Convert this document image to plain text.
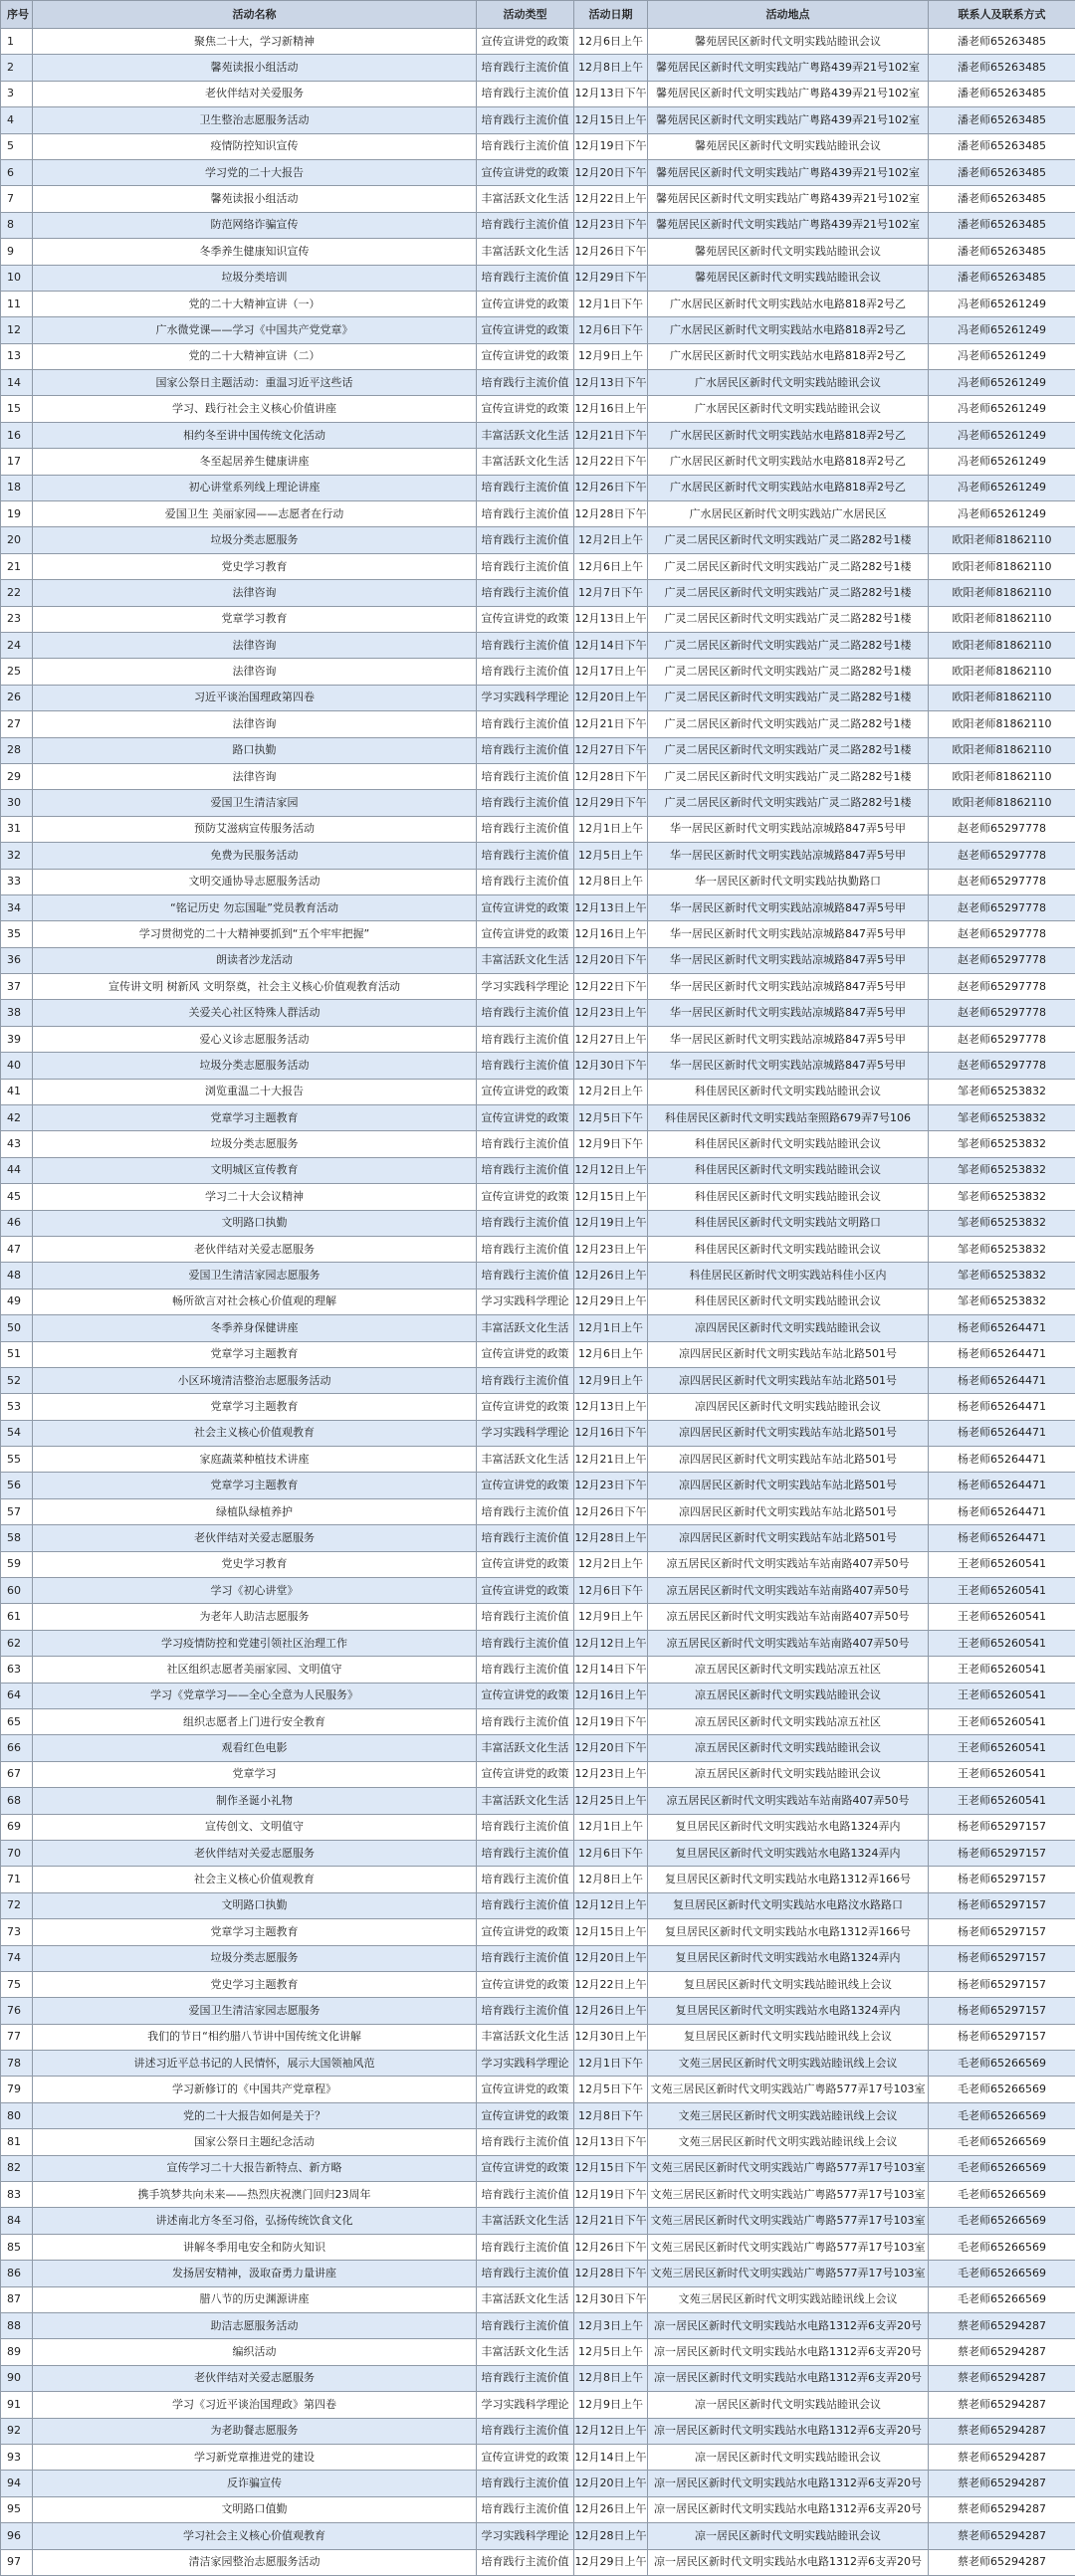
序号	活动名称	活动类型	活动日期	活动地点	联系人及联系方式
1	聚焦二十大，学习新精神	宣传宣讲党的政策	12月6日上午	馨苑居民区新时代文明实践站睦讯会议	潘老师65263485
2	馨苑读报小组活动	培育践行主流价值	12月8日上午	馨苑居民区新时代文明实践站广粤路439弄21号102室	潘老师65263485
3	老伙伴结对关爱服务	培育践行主流价值	12月13日下午	馨苑居民区新时代文明实践站广粤路439弄21号102室	潘老师65263485
4	卫生整治志愿服务活动	培育践行主流价值	12月15日上午	馨苑居民区新时代文明实践站广粤路439弄21号102室	潘老师65263485
5	疫情防控知识宣传	培育践行主流价值	12月19日下午	馨苑居民区新时代文明实践站睦讯会议	潘老师65263485
6	学习党的二十大报告	宣传宣讲党的政策	12月20日下午	馨苑居民区新时代文明实践站广粤路439弄21号102室	潘老师65263485
7	馨苑读报小组活动	丰富活跃文化生活	12月22日上午	馨苑居民区新时代文明实践站广粤路439弄21号102室	潘老师65263485
8	防范网络诈骗宣传	培育践行主流价值	12月23日下午	馨苑居民区新时代文明实践站广粤路439弄21号102室	潘老师65263485
9	冬季养生健康知识宣传	丰富活跃文化生活	12月26日下午	馨苑居民区新时代文明实践站睦讯会议	潘老师65263485
10	垃圾分类培训	培育践行主流价值	12月29日下午	馨苑居民区新时代文明实践站睦讯会议	潘老师65263485
11	党的二十大精神宣讲（一）	宣传宣讲党的政策	12月1日下午	广水居民区新时代文明实践站水电路818弄2号乙	冯老师65261249
12	广水微党课——学习《中国共产党党章》	宣传宣讲党的政策	12月6日下午	广水居民区新时代文明实践站水电路818弄2号乙	冯老师65261249
13	党的二十大精神宣讲（二）	宣传宣讲党的政策	12月9日上午	广水居民区新时代文明实践站水电路818弄2号乙	冯老师65261249
14	国家公祭日主题活动：重温习近平这些话	培育践行主流价值	12月13日下午	广水居民区新时代文明实践站睦讯会议	冯老师65261249
15	学习、践行社会主义核心价值讲座	宣传宣讲党的政策	12月16日上午	广水居民区新时代文明实践站睦讯会议	冯老师65261249
16	相约冬至讲中国传统文化活动	丰富活跃文化生活	12月21日下午	广水居民区新时代文明实践站水电路818弄2号乙	冯老师65261249
17	冬至起居养生健康讲座	丰富活跃文化生活	12月22日下午	广水居民区新时代文明实践站水电路818弄2号乙	冯老师65261249
18	初心讲堂系列线上理论讲座	培育践行主流价值	12月26日下午	广水居民区新时代文明实践站水电路818弄2号乙	冯老师65261249
19	爱国卫生 美丽家园——志愿者在行动	培育践行主流价值	12月28日下午	广水居民区新时代文明实践站广水居民区	冯老师65261249
20	垃圾分类志愿服务	培育践行主流价值	12月2日上午	广灵二居民区新时代文明实践站广灵二路282号1楼	欧阳老师81862110
21	党史学习教育	培育践行主流价值	12月6日上午	广灵二居民区新时代文明实践站广灵二路282号1楼	欧阳老师81862110
22	法律咨询	培育践行主流价值	12月7日下午	广灵二居民区新时代文明实践站广灵二路282号1楼	欧阳老师81862110
23	党章学习教育	宣传宣讲党的政策	12月13日上午	广灵二居民区新时代文明实践站广灵二路282号1楼	欧阳老师81862110
24	法律咨询	培育践行主流价值	12月14日下午	广灵二居民区新时代文明实践站广灵二路282号1楼	欧阳老师81862110
25	法律咨询	培育践行主流价值	12月17日上午	广灵二居民区新时代文明实践站广灵二路282号1楼	欧阳老师81862110
26	习近平谈治国理政第四卷	学习实践科学理论	12月20日上午	广灵二居民区新时代文明实践站广灵二路282号1楼	欧阳老师81862110
27	法律咨询	培育践行主流价值	12月21日下午	广灵二居民区新时代文明实践站广灵二路282号1楼	欧阳老师81862110
28	路口执勤	培育践行主流价值	12月27日下午	广灵二居民区新时代文明实践站广灵二路282号1楼	欧阳老师81862110
29	法律咨询	培育践行主流价值	12月28日下午	广灵二居民区新时代文明实践站广灵二路282号1楼	欧阳老师81862110
30	爱国卫生清洁家园	培育践行主流价值	12月29日下午	广灵二居民区新时代文明实践站广灵二路282号1楼	欧阳老师81862110
31	预防艾滋病宣传服务活动	培育践行主流价值	12月1日上午	华一居民区新时代文明实践站凉城路847弄5号甲	赵老师65297778
32	免费为民服务活动	培育践行主流价值	12月5日上午	华一居民区新时代文明实践站凉城路847弄5号甲	赵老师65297778
33	文明交通协导志愿服务活动	培育践行主流价值	12月8日上午	华一居民区新时代文明实践站执勤路口	赵老师65297778
34	“铭记历史 勿忘国耻”党员教育活动	宣传宣讲党的政策	12月13日上午	华一居民区新时代文明实践站凉城路847弄5号甲	赵老师65297778
35	学习贯彻党的二十大精神要抓到“五个牢牢把握”	宣传宣讲党的政策	12月16日上午	华一居民区新时代文明实践站凉城路847弄5号甲	赵老师65297778
36	朗读者沙龙活动	丰富活跃文化生活	12月20日下午	华一居民区新时代文明实践站凉城路847弄5号甲	赵老师65297778
37	宣传讲文明 树新风 文明祭奠，社会主义核心价值观教育活动	学习实践科学理论	12月22日下午	华一居民区新时代文明实践站凉城路847弄5号甲	赵老师65297778
38	关爱关心社区特殊人群活动	培育践行主流价值	12月23日上午	华一居民区新时代文明实践站凉城路847弄5号甲	赵老师65297778
39	爱心义诊志愿服务活动	培育践行主流价值	12月27日上午	华一居民区新时代文明实践站凉城路847弄5号甲	赵老师65297778
40	垃圾分类志愿服务活动	培育践行主流价值	12月30日下午	华一居民区新时代文明实践站凉城路847弄5号甲	赵老师65297778
41	浏览重温二十大报告	宣传宣讲党的政策	12月2日上午	科佳居民区新时代文明实践站睦讯会议	邹老师65253832
42	党章学习主题教育	宣传宣讲党的政策	12月5日下午	科佳居民区新时代文明实践站奎照路679弄7号106	邹老师65253832
43	垃圾分类志愿服务	培育践行主流价值	12月9日下午	科佳居民区新时代文明实践站睦讯会议	邹老师65253832
44	文明城区宣传教育	培育践行主流价值	12月12日上午	科佳居民区新时代文明实践站睦讯会议	邹老师65253832
45	学习二十大会议精神	宣传宣讲党的政策	12月15日上午	科佳居民区新时代文明实践站睦讯会议	邹老师65253832
46	文明路口执勤	培育践行主流价值	12月19日上午	科佳居民区新时代文明实践站文明路口	邹老师65253832
47	老伙伴结对关爱志愿服务	培育践行主流价值	12月23日上午	科佳居民区新时代文明实践站睦讯会议	邹老师65253832
48	爱国卫生清洁家园志愿服务	培育践行主流价值	12月26日上午	科佳居民区新时代文明实践站科佳小区内	邹老师65253832
49	畅所欲言对社会核心价值观的理解	学习实践科学理论	12月29日上午	科佳居民区新时代文明实践站睦讯会议	邹老师65253832
50	冬季养身保健讲座	丰富活跃文化生活	12月1日上午	凉四居民区新时代文明实践站睦讯会议	杨老师65264471
51	党章学习主题教育	宣传宣讲党的政策	12月6日上午	凉四居民区新时代文明实践站车站北路501号	杨老师65264471
52	小区环境清洁整治志愿服务活动	培育践行主流价值	12月9日上午	凉四居民区新时代文明实践站车站北路501号	杨老师65264471
53	党章学习主题教育	宣传宣讲党的政策	12月13日上午	凉四居民区新时代文明实践站睦讯会议	杨老师65264471
54	社会主义核心价值观教育	学习实践科学理论	12月16日下午	凉四居民区新时代文明实践站车站北路501号	杨老师65264471
55	家庭蔬菜种植技术讲座	丰富活跃文化生活	12月21日上午	凉四居民区新时代文明实践站车站北路501号	杨老师65264471
56	党章学习主题教育	宣传宣讲党的政策	12月23日下午	凉四居民区新时代文明实践站车站北路501号	杨老师65264471
57	绿植队绿植养护	培育践行主流价值	12月26日下午	凉四居民区新时代文明实践站车站北路501号	杨老师65264471
58	老伙伴结对关爱志愿服务	培育践行主流价值	12月28日上午	凉四居民区新时代文明实践站车站北路501号	杨老师65264471
59	党史学习教育	宣传宣讲党的政策	12月2日上午	凉五居民区新时代文明实践站车站南路407弄50号	王老师65260541
60	学习《初心讲堂》	宣传宣讲党的政策	12月6日下午	凉五居民区新时代文明实践站车站南路407弄50号	王老师65260541
61	为老年人助洁志愿服务	培育践行主流价值	12月9日上午	凉五居民区新时代文明实践站车站南路407弄50号	王老师65260541
62	学习疫情防控和党建引领社区治理工作	培育践行主流价值	12月12日上午	凉五居民区新时代文明实践站车站南路407弄50号	王老师65260541
63	社区组织志愿者美丽家园、文明值守	培育践行主流价值	12月14日下午	凉五居民区新时代文明实践站凉五社区	王老师65260541
64	学习《党章学习——全心全意为人民服务》	宣传宣讲党的政策	12月16日上午	凉五居民区新时代文明实践站睦讯会议	王老师65260541
65	组织志愿者上门进行安全教育	培育践行主流价值	12月19日下午	凉五居民区新时代文明实践站凉五社区	王老师65260541
66	观看红色电影	丰富活跃文化生活	12月20日下午	凉五居民区新时代文明实践站睦讯会议	王老师65260541
67	党章学习	宣传宣讲党的政策	12月23日上午	凉五居民区新时代文明实践站睦讯会议	王老师65260541
68	制作圣诞小礼物	丰富活跃文化生活	12月25日上午	凉五居民区新时代文明实践站车站南路407弄50号	王老师65260541
69	宣传创文、文明值守	培育践行主流价值	12月1日上午	复旦居民区新时代文明实践站水电路1324弄内	杨老师65297157
70	老伙伴结对关爱志愿服务	培育践行主流价值	12月6日下午	复旦居民区新时代文明实践站水电路1324弄内	杨老师65297157
71	社会主义核心价值观教育	培育践行主流价值	12月8日上午	复旦居民区新时代文明实践站水电路1312弄166号	杨老师65297157
72	文明路口执勤	培育践行主流价值	12月12日上午	复旦居民区新时代文明实践站水电路汶水路路口	杨老师65297157
73	党章学习主题教育	宣传宣讲党的政策	12月15日上午	复旦居民区新时代文明实践站水电路1312弄166号	杨老师65297157
74	垃圾分类志愿服务	培育践行主流价值	12月20日上午	复旦居民区新时代文明实践站水电路1324弄内	杨老师65297157
75	党史学习主题教育	宣传宣讲党的政策	12月22日上午	复旦居民区新时代文明实践站睦讯线上会议	杨老师65297157
76	爱国卫生清洁家园志愿服务	培育践行主流价值	12月26日上午	复旦居民区新时代文明实践站水电路1324弄内	杨老师65297157
77	我们的节日“相约腊八节讲中国传统文化讲解	丰富活跃文化生活	12月30日上午	复旦居民区新时代文明实践站睦讯线上会议	杨老师65297157
78	讲述习近平总书记的人民情怀，展示大国领袖风范	学习实践科学理论	12月1日下午	文苑三居民区新时代文明实践站睦讯线上会议	毛老师65266569
79	学习新修订的《中国共产党章程》	宣传宣讲党的政策	12月5日下午	文苑三居民区新时代文明实践站广粤路577弄17号103室	毛老师65266569
80	党的二十大报告如何是关于？	宣传宣讲党的政策	12月8日下午	文苑三居民区新时代文明实践站睦讯线上会议	毛老师65266569
81	国家公祭日主题纪念活动	培育践行主流价值	12月13日下午	文苑三居民区新时代文明实践站睦讯线上会议	毛老师65266569
82	宣传学习二十大报告新特点、新方略	宣传宣讲党的政策	12月15日下午	文苑三居民区新时代文明实践站广粤路577弄17号103室	毛老师65266569
83	携手筑梦共向未来——热烈庆祝澳门回归23周年	培育践行主流价值	12月19日下午	文苑三居民区新时代文明实践站广粤路577弄17号103室	毛老师65266569
84	讲述南北方冬至习俗，弘扬传统饮食文化	丰富活跃文化生活	12月21日下午	文苑三居民区新时代文明实践站广粤路577弄17号103室	毛老师65266569
85	讲解冬季用电安全和防火知识	培育践行主流价值	12月26日下午	文苑三居民区新时代文明实践站广粤路577弄17号103室	毛老师65266569
86	发扬居安精神，汲取奋勇力量讲座	培育践行主流价值	12月28日下午	文苑三居民区新时代文明实践站广粤路577弄17号103室	毛老师65266569
87	腊八节的历史渊源讲座	丰富活跃文化生活	12月30日下午	文苑三居民区新时代文明实践站睦讯线上会议	毛老师65266569
88	助洁志愿服务活动	培育践行主流价值	12月3日上午	凉一居民区新时代文明实践站水电路1312弄6支弄20号	蔡老师65294287
89	编织活动	丰富活跃文化生活	12月5日上午	凉一居民区新时代文明实践站水电路1312弄6支弄20号	蔡老师65294287
90	老伙伴结对关爱志愿服务	培育践行主流价值	12月8日上午	凉一居民区新时代文明实践站水电路1312弄6支弄20号	蔡老师65294287
91	学习《习近平谈治国理政》第四卷	学习实践科学理论	12月9日上午	凉一居民区新时代文明实践站睦讯会议	蔡老师65294287
92	为老助餐志愿服务	培育践行主流价值	12月12日上午	凉一居民区新时代文明实践站水电路1312弄6支弄20号	蔡老师65294287
93	学习新党章推进党的建设	宣传宣讲党的政策	12月14日上午	凉一居民区新时代文明实践站睦讯会议	蔡老师65294287
94	反诈骗宣传	培育践行主流价值	12月20日上午	凉一居民区新时代文明实践站水电路1312弄6支弄20号	蔡老师65294287
95	文明路口值勤	培育践行主流价值	12月26日上午	凉一居民区新时代文明实践站水电路1312弄6支弄20号	蔡老师65294287
96	学习社会主义核心价值观教育	学习实践科学理论	12月28日上午	凉一居民区新时代文明实践站睦讯会议	蔡老师65294287
97	清洁家园整治志愿服务活动	培育践行主流价值	12月29日上午	凉一居民区新时代文明实践站水电路1312弄6支弄20号	蔡老师65294287
